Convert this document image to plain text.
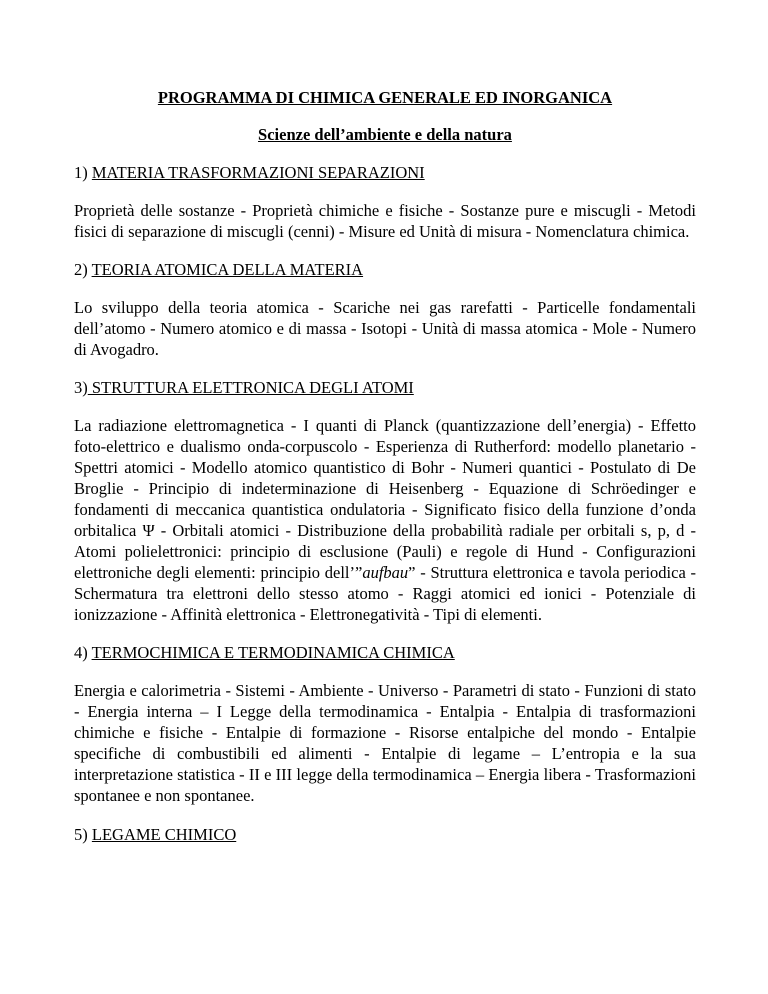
PROGRAMMA DI CHIMICA GENERALE ED INORGANICA

Scienze dell’ambiente e della natura

1) MATERIA TRASFORMAZIONI SEPARAZIONI

Proprietà delle sostanze - Proprietà chimiche e fisiche - Sostanze pure e miscugli - Metodi fisici di separazione di miscugli (cenni) - Misure ed Unità di misura - Nomenclatura chimica.

2) TEORIA ATOMICA DELLA MATERIA

Lo sviluppo della teoria atomica - Scariche nei gas rarefatti - Particelle fondamentali dell’atomo - Numero atomico e di massa - Isotopi - Unità di massa atomica - Mole - Numero di Avogadro.

3) STRUTTURA ELETTRONICA DEGLI ATOMI

La radiazione elettromagnetica - I quanti di Planck (quantizzazione dell’energia) - Effetto foto-elettrico e dualismo onda-corpuscolo - Esperienza di Rutherford: modello planetario - Spettri atomici - Modello atomico quantistico di Bohr - Numeri quantici - Postulato di De Broglie - Principio di indeterminazione di Heisenberg - Equazione di Schröedinger e fondamenti di meccanica quantistica ondulatoria - Significato fisico della funzione d’onda orbitalica Ψ - Orbitali atomici - Distribuzione della probabilità radiale per orbitali s, p, d - Atomi polielettronici: principio di esclusione (Pauli) e regole di Hund - Configurazioni elettroniche degli elementi: principio dell’”aufbau” - Struttura elettronica e tavola periodica - Schermatura tra elettroni dello stesso atomo - Raggi atomici ed ionici - Potenziale di ionizzazione - Affinità elettronica - Elettronegatività - Tipi di elementi.

4) TERMOCHIMICA E TERMODINAMICA CHIMICA

Energia e calorimetria - Sistemi - Ambiente - Universo - Parametri di stato - Funzioni di stato - Energia interna – I Legge della termodinamica - Entalpia - Entalpia di trasformazioni chimiche e fisiche - Entalpie di formazione - Risorse entalpiche del mondo - Entalpie specifiche di combustibili ed alimenti - Entalpie di legame – L’entropia e la sua interpretazione statistica - II e III legge della termodinamica – Energia libera - Trasformazioni spontanee e non spontanee.

5) LEGAME CHIMICO
